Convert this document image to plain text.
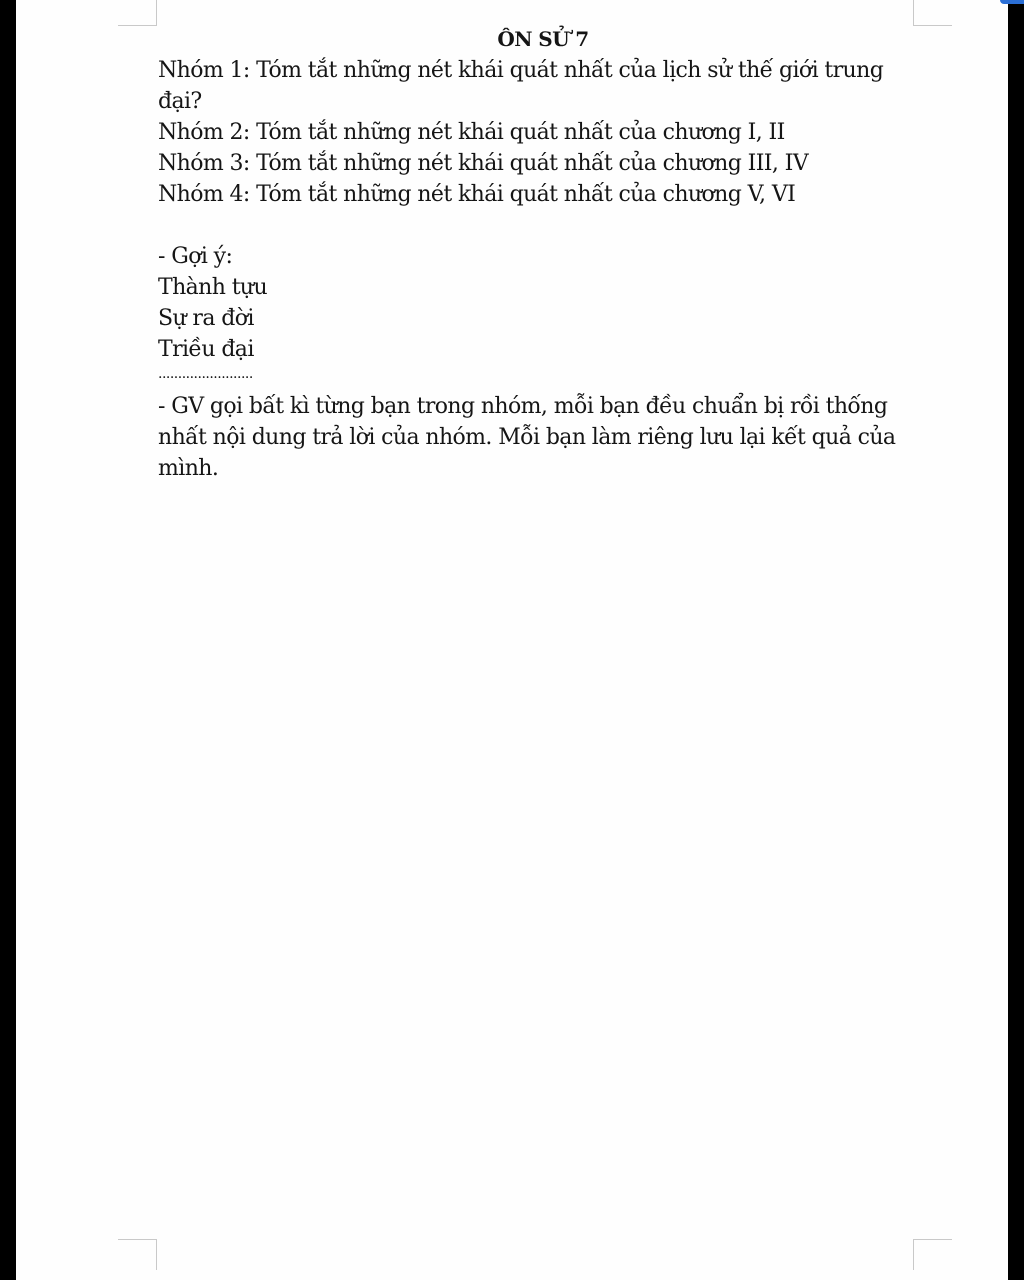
ÔN SỬ 7
Nhóm 1: Tóm tắt những nét khái quát nhất của lịch sử thế giới trung đại?
Nhóm 2: Tóm tắt những nét khái quát nhất của chương I, II
Nhóm 3: Tóm tắt những nét khái quát nhất của chương III, IV
Nhóm 4: Tóm tắt những nét khái quát nhất của chương V, VI
- Gợi ý:
Thành tựu
Sự ra đời
Triều đại
........................
- GV gọi bất kì từng bạn trong nhóm, mỗi bạn đều chuẩn bị rồi thống nhất nội dung trả lời của nhóm. Mỗi bạn làm riêng lưu lại kết quả của mình.
